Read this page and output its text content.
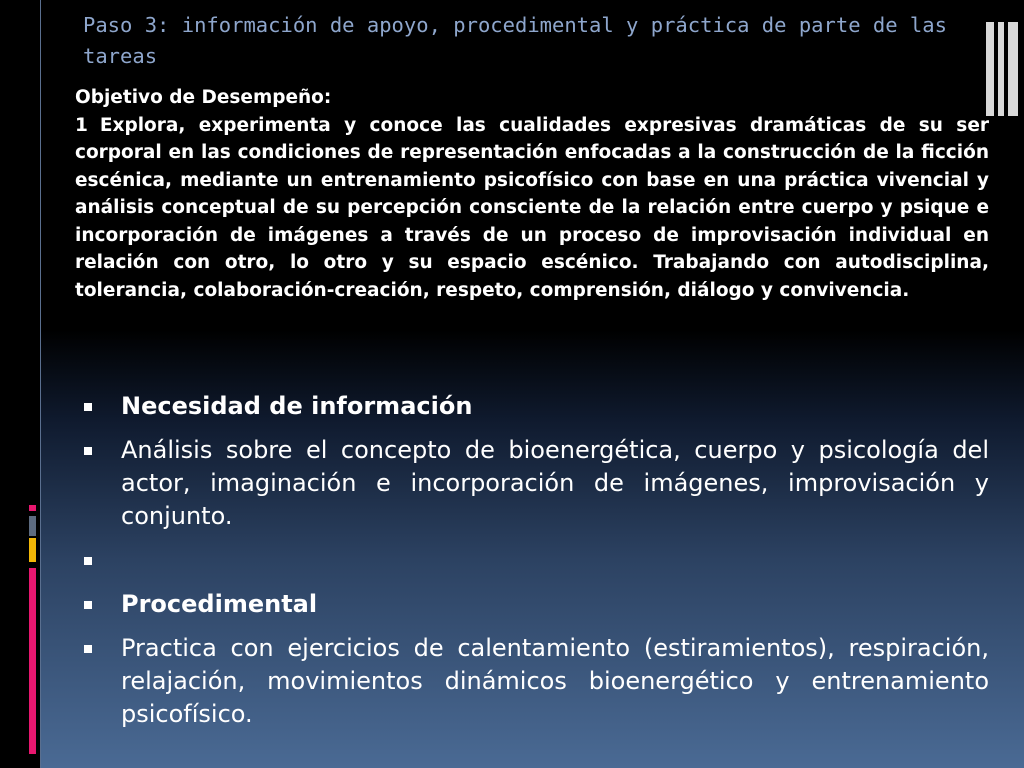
Paso 3: información de apoyo, procedimental y práctica de parte de las tareas
Objetivo de Desempeño:
1 Explora, experimenta y conoce las cualidades expresivas dramáticas de su ser corporal en las condiciones de representación enfocadas a la construcción de la ficción escénica, mediante un entrenamiento psicofísico con base en una práctica vivencial y análisis conceptual de su percepción consciente de la relación entre cuerpo y psique e incorporación de imágenes a través de un proceso de improvisación individual en relación con otro, lo otro y su espacio escénico. Trabajando con autodisciplina, tolerancia, colaboración-creación, respeto, comprensión, diálogo y convivencia.
Necesidad de información
Análisis sobre el concepto de bioenergética, cuerpo y psicología del actor, imaginación e incorporación de imágenes, improvisación y conjunto.
Procedimental
Practica con ejercicios de calentamiento (estiramientos), respiración, relajación, movimientos dinámicos bioenergético y entrenamiento psicofísico.
